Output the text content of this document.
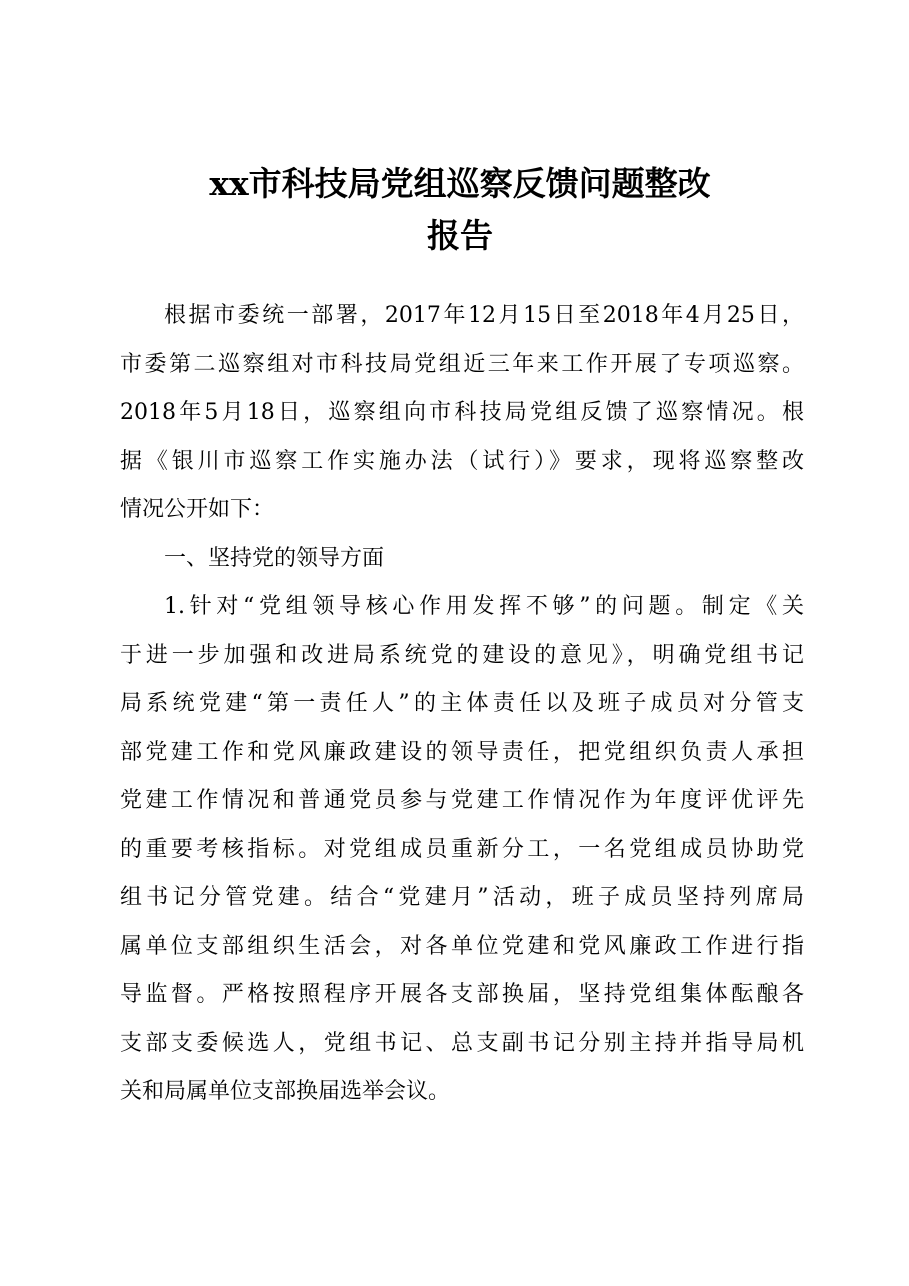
xx市科技局党组巡察反馈问题整改
报告
根据市委统一部署，2017年12月15日至2018年4月25日，
市委第二巡察组对市科技局党组近三年来工作开展了专项巡察。
2018年5月18日，巡察组向市科技局党组反馈了巡察情况。根
据《银川市巡察工作实施办法（试行）》要求，现将巡察整改
情况公开如下：
一、坚持党的领导方面
1.针对“党组领导核心作用发挥不够”的问题。制定《关
于进一步加强和改进局系统党的建设的意见》，明确党组书记
局系统党建“第一责任人”的主体责任以及班子成员对分管支
部党建工作和党风廉政建设的领导责任，把党组织负责人承担
党建工作情况和普通党员参与党建工作情况作为年度评优评先
的重要考核指标。对党组成员重新分工，一名党组成员协助党
组书记分管党建。结合“党建月”活动，班子成员坚持列席局
属单位支部组织生活会，对各单位党建和党风廉政工作进行指
导监督。严格按照程序开展各支部换届，坚持党组集体酝酿各
支部支委候选人，党组书记、总支副书记分别主持并指导局机
关和局属单位支部换届选举会议。
